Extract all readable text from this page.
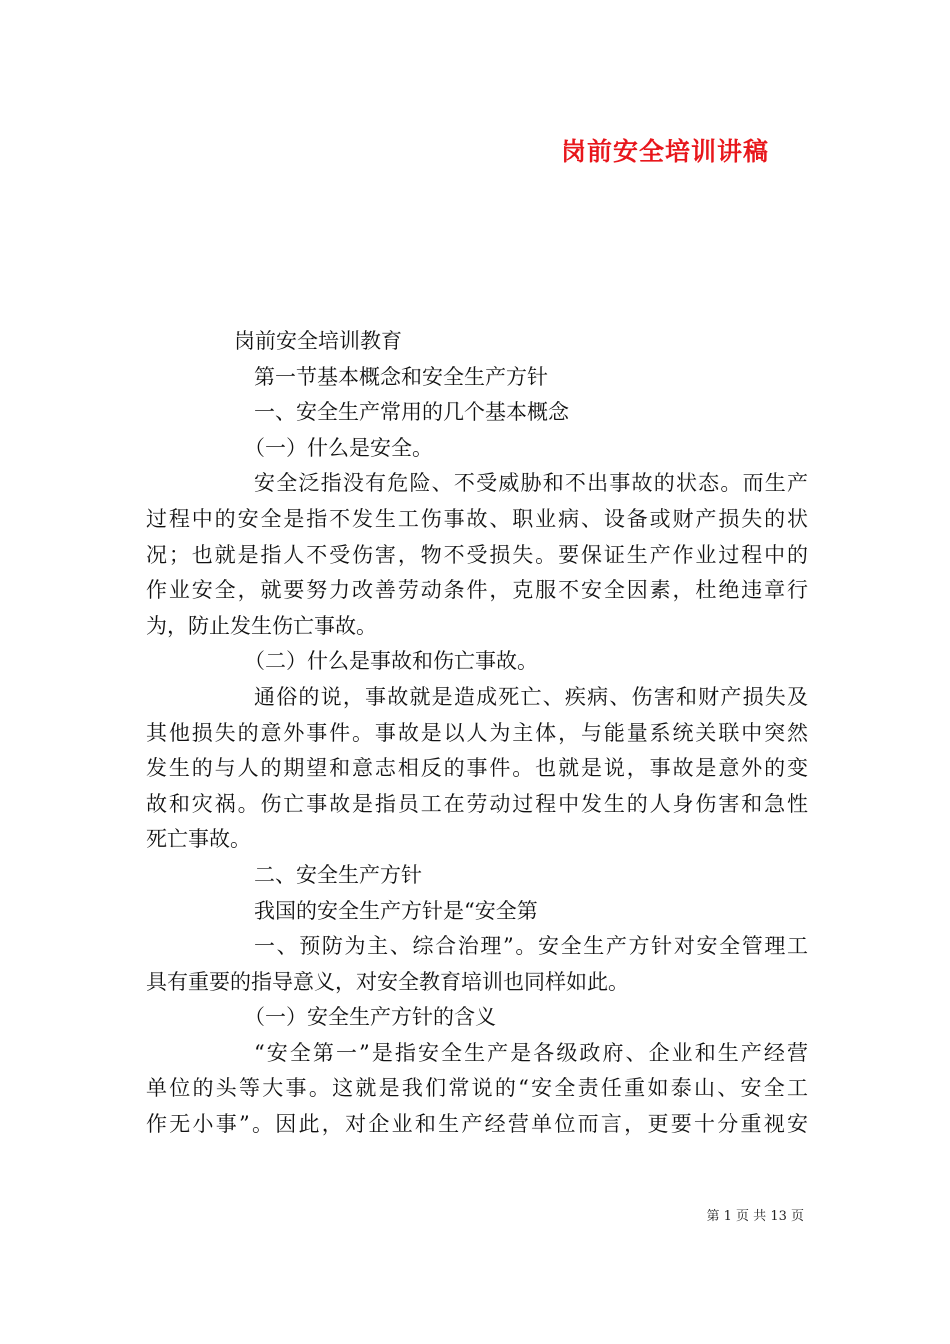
岗前安全培训讲稿
岗前安全培训教育
第一节基本概念和安全生产方针
一、安全生产常用的几个基本概念
（一）什么是安全。
安全泛指没有危险、不受威胁和不出事故的状态。而生产
过程中的安全是指不发生工伤事故、职业病、设备或财产损失的状
况；也就是指人不受伤害，物不受损失。要保证生产作业过程中的
作业安全，就要努力改善劳动条件，克服不安全因素，杜绝违章行
为，防止发生伤亡事故。
（二）什么是事故和伤亡事故。
通俗的说，事故就是造成死亡、疾病、伤害和财产损失及
其他损失的意外事件。事故是以人为主体，与能量系统关联中突然
发生的与人的期望和意志相反的事件。也就是说，事故是意外的变
故和灾祸。伤亡事故是指员工在劳动过程中发生的人身伤害和急性
死亡事故。
二、安全生产方针
我国的安全生产方针是“安全第
一、预防为主、综合治理”。安全生产方针对安全管理工
具有重要的指导意义，对安全教育培训也同样如此。
（一）安全生产方针的含义
“安全第一”是指安全生产是各级政府、企业和生产经营
单位的头等大事。这就是我们常说的“安全责任重如泰山、安全工
作无小事”。因此，对企业和生产经营单位而言，更要十分重视安
第 1 页 共 13 页
